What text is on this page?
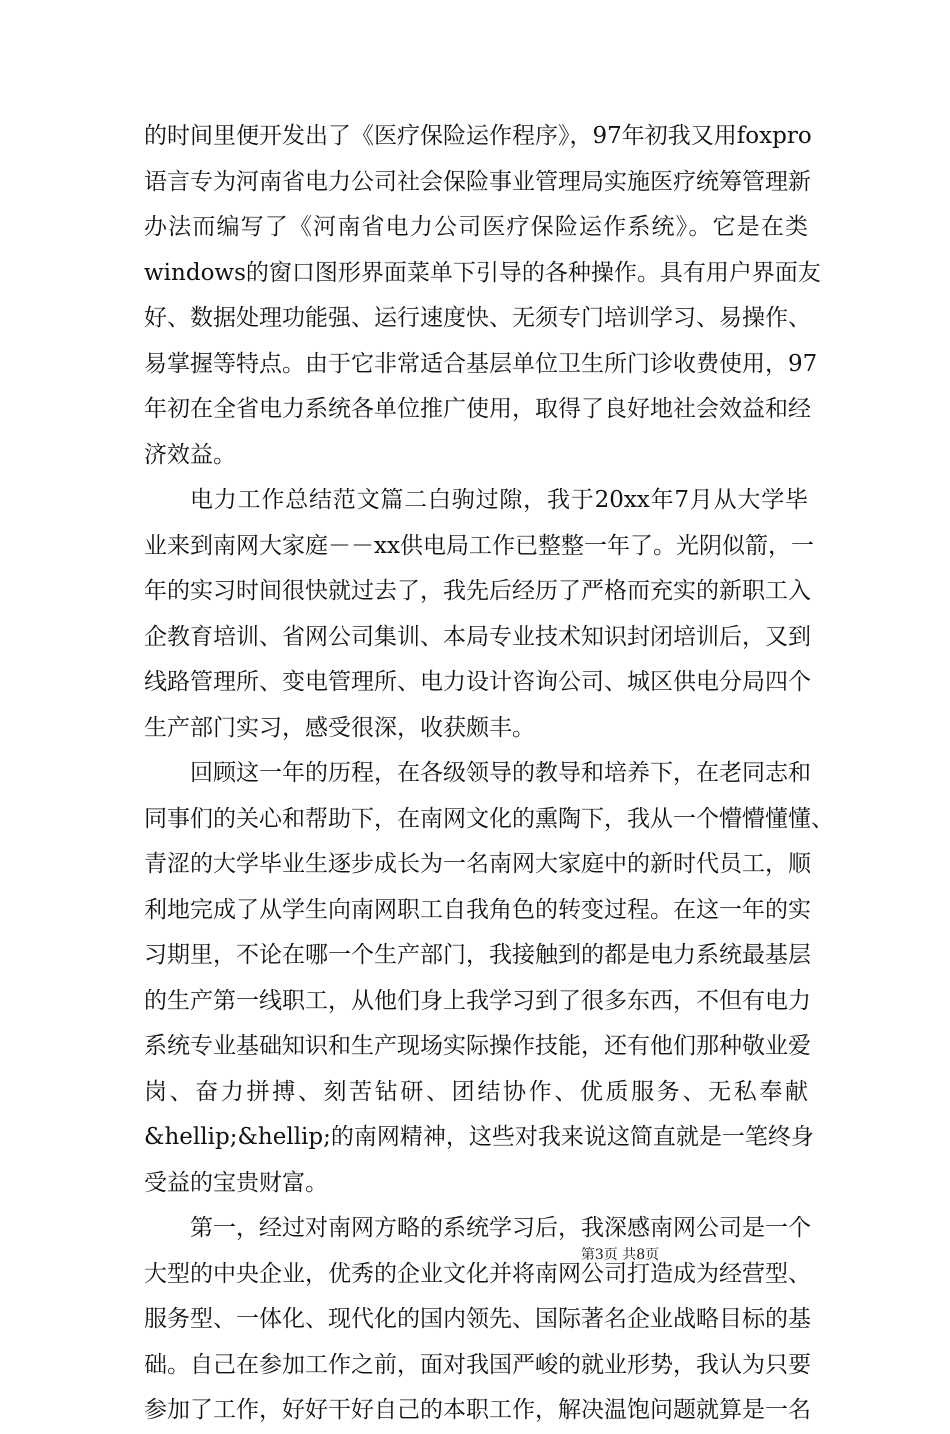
的时间里便开发出了《医疗保险运作程序》，97年初我又用foxpro
语言专为河南省电力公司社会保险事业管理局实施医疗统筹管理新
办法而编写了《河南省电力公司医疗保险运作系统》。它是在类
windows的窗口图形界面菜单下引导的各种操作。具有用户界面友
好、数据处理功能强、运行速度快、无须专门培训学习、易操作、
易掌握等特点。由于它非常适合基层单位卫生所门诊收费使用，97
年初在全省电力系统各单位推广使用，取得了良好地社会效益和经
济效益。
电力工作总结范文篇二白驹过隙，我于20xx年7月从大学毕
业来到南网大家庭－－xx供电局工作已整整一年了。光阴似箭，一
年的实习时间很快就过去了，我先后经历了严格而充实的新职工入
企教育培训、省网公司集训、本局专业技术知识封闭培训后，又到
线路管理所、变电管理所、电力设计咨询公司、城区供电分局四个
生产部门实习，感受很深，收获颇丰。
回顾这一年的历程，在各级领导的教导和培养下，在老同志和
同事们的关心和帮助下，在南网文化的熏陶下，我从一个懵懵懂懂、
青涩的大学毕业生逐步成长为一名南网大家庭中的新时代员工，顺
利地完成了从学生向南网职工自我角色的转变过程。在这一年的实
习期里，不论在哪一个生产部门，我接触到的都是电力系统最基层
的生产第一线职工，从他们身上我学习到了很多东西，不但有电力
系统专业基础知识和生产现场实际操作技能，还有他们那种敬业爱
岗、奋力拼搏、刻苦钻研、团结协作、优质服务、无私奉献
&hellip;&hellip;的南网精神，这些对我来说这简直就是一笔终身
受益的宝贵财富。
第一，经过对南网方略的系统学习后，我深感南网公司是一个
大型的中央企业，优秀的企业文化并将南网公司打造成为经营型、
服务型、一体化、现代化的国内领先、国际著名企业战略目标的基
础。自己在参加工作之前，面对我国严峻的就业形势，我认为只要
参加了工作，好好干好自己的本职工作，解决温饱问题就算是一名
第3页 共8页
